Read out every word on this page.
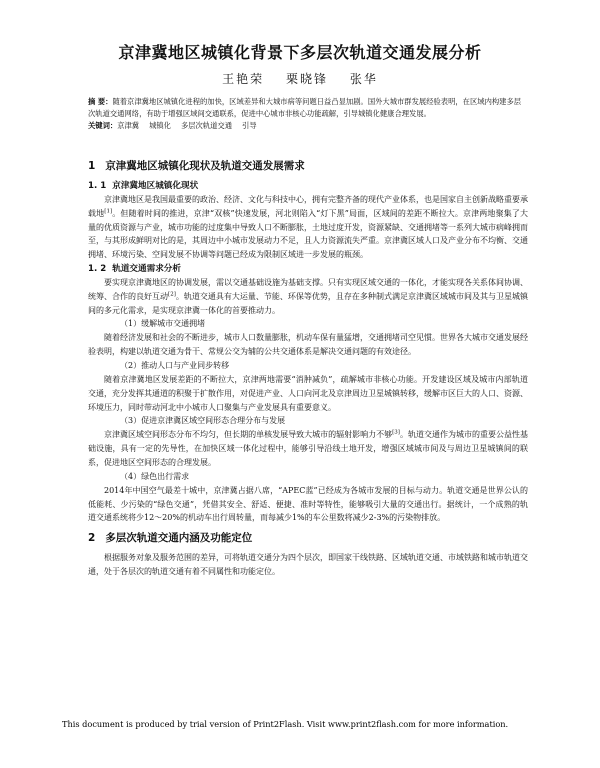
京津冀地区城镇化背景下多层次轨道交通发展分析
王艳荣 栗晓锋 张华
摘 要：随着京津冀地区城镇化进程的加快，区域差异和大城市病等问题日益凸显加剧。国外大城市群发展经验表明，在区域内构建多层次轨道交通网络，有助于增强区域间交通联系，促进中心城市非核心功能疏解，引导城镇化健康合理发展。
关键词：京津冀 城镇化 多层次轨道交通 引导
1 京津冀地区城镇化现状及轨道交通发展需求
1. 1 京津冀地区城镇化现状

京津冀地区是我国最重要的政治、经济、文化与科技中心，拥有完整齐备的现代产业体系，也是国家自主创新战略重要承载地[1]。但随着时间的推进，京津“双核”快速发展，河北则陷入“灯下黑”局面，区域间的差距不断拉大。京津两地聚集了大量的优质资源与产业，城市功能的过度集中导致人口不断膨胀，土地过度开发，资源紧缺、交通拥堵等一系列大城市病峰拥而至，与其形成鲜明对比的是，其周边中小城市发展动力不足，且人力资源流失严重。京津冀区域人口及产业分布不均衡、交通拥堵、环境污染、空间发展不协调等问题已经成为限制区域进一步发展的瓶颈。

1. 2 轨道交通需求分析

要实现京津冀地区的协调发展，需以交通基础设施为基础支撑。只有实现区域交通的一体化，才能实现各关系体间协调、统筹、合作的良好互动[2]。轨道交通具有大运量、节能、环保等优势，且存在多种制式满足京津冀区域城市间及其与卫星城镇间的多元化需求，是实现京津冀一体化的首要推动力。

（1）缓解城市交通拥堵

随着经济发展和社会的不断进步，城市人口数量膨胀，机动车保有量猛增，交通拥堵司空见惯。世界各大城市交通发展经验表明，构建以轨道交通为骨干、常规公交为辅的公共交通体系是解决交通问题的有效途径。

（2）推动人口与产业同步转移

随着京津冀地区发展差距的不断拉大，京津两地需要“消肿减负”，疏解城市非核心功能。开发建设区域及城市内部轨道交通，充分发挥其通道的积聚于扩散作用，对促进产业、人口向河北及京津周边卫星城镇转移，缓解市区巨大的人口、资源、环境压力，同时带动河北中小城市人口聚集与产业发展具有重要意义。

（3）促进京津冀区域空间形态合理分布与发展

京津冀区域空间形态分布不均匀，但长期的单核发展导致大城市的辐射影响力不够[3]。轨道交通作为城市的重要公益性基础设施，具有一定的先导性，在加快区域一体化过程中，能够引导沿线土地开发，增强区域城市间及与周边卫星城镇间的联系，促进地区空间形态的合理发展。

（4）绿色出行需求

2014年中国空气最差十城中，京津冀占据八席，“APEC蓝”已经成为各城市发展的目标与动力。轨道交通是世界公认的低能耗、少污染的“绿色交通”，凭借其安全、舒适、便捷、准时等特性，能够吸引大量的交通出行。据统计，一个成熟的轨道交通系统将少12～20%的机动车出行周转量，而每减少1%的车公里数将减少2-3%的污染物排放。

2 多层次轨道交通内涵及功能定位

根据服务对象及服务范围的差异，可将轨道交通分为四个层次，即国家干线铁路、区域轨道交通、市域铁路和城市轨道交通，处于各层次的轨道交通有着不同属性和功能定位。

This document is produced by trial version of Print2Flash. Visit www.print2flash.com for more information.
